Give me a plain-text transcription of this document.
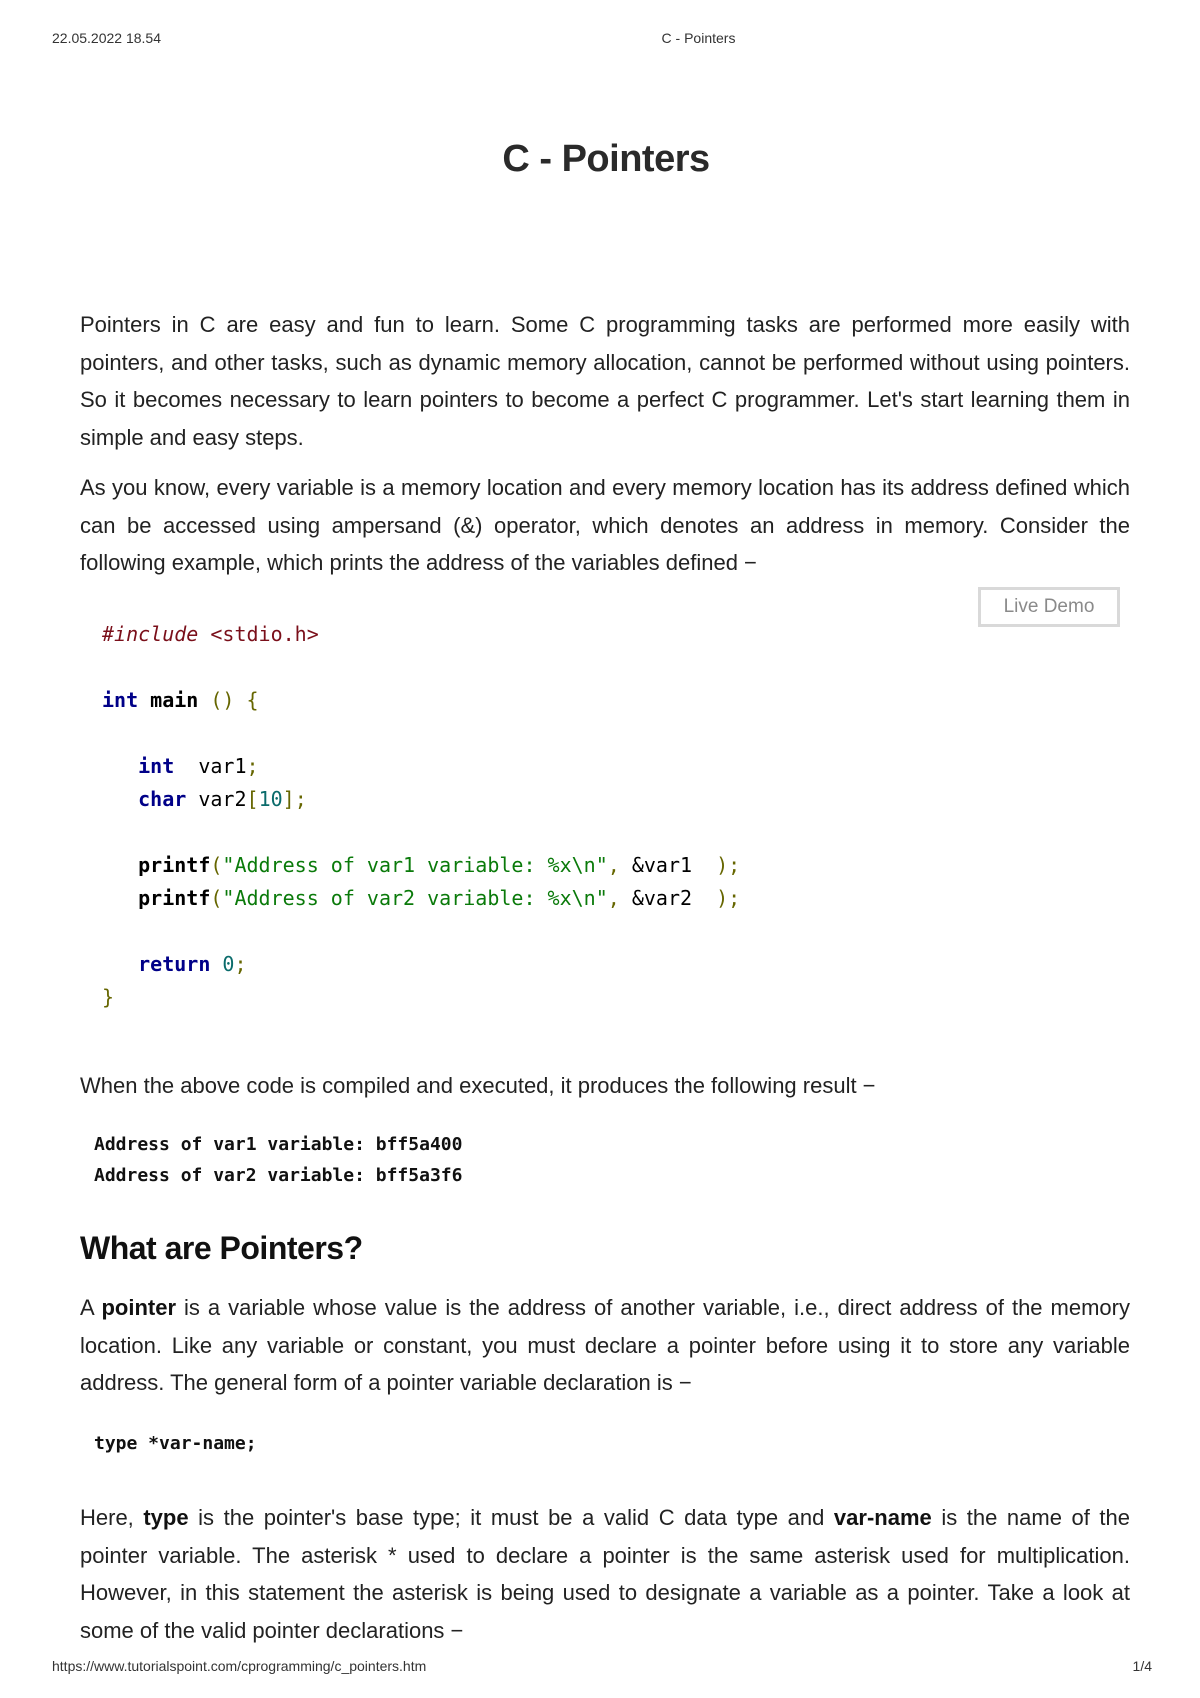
22.05.2022 18.54	C - Pointers
C - Pointers

Pointers in C are easy and fun to learn. Some C programming tasks are performed more easily with pointers, and other tasks, such as dynamic memory allocation, cannot be performed without using pointers. So it becomes necessary to learn pointers to become a perfect C programmer. Let's start learning them in simple and easy steps.

As you know, every variable is a memory location and every memory location has its address defined which can be accessed using ampersand (&) operator, which denotes an address in memory. Consider the following example, which prints the address of the variables defined −

Live Demo
#include <stdio.h>

int main () {

int var1;
char var2[10];

printf("Address of var1 variable: %x\n", &var1 );
printf("Address of var2 variable: %x\n", &var2 );

return 0;
}

When the above code is compiled and executed, it produces the following result −

Address of var1 variable: bff5a400
Address of var2 variable: bff5a3f6
What are Pointers?

A pointer is a variable whose value is the address of another variable, i.e., direct address of the memory location. Like any variable or constant, you must declare a pointer before using it to store any variable address. The general form of a pointer variable declaration is −

type *var-name;

Here, type is the pointer's base type; it must be a valid C data type and var-name is the name of the pointer variable. The asterisk * used to declare a pointer is the same asterisk used for multiplication. However, in this statement the asterisk is being used to designate a variable as a pointer. Take a look at some of the valid pointer declarations −

https://www.tutorialspoint.com/cprogramming/c_pointers.htm	1/4
